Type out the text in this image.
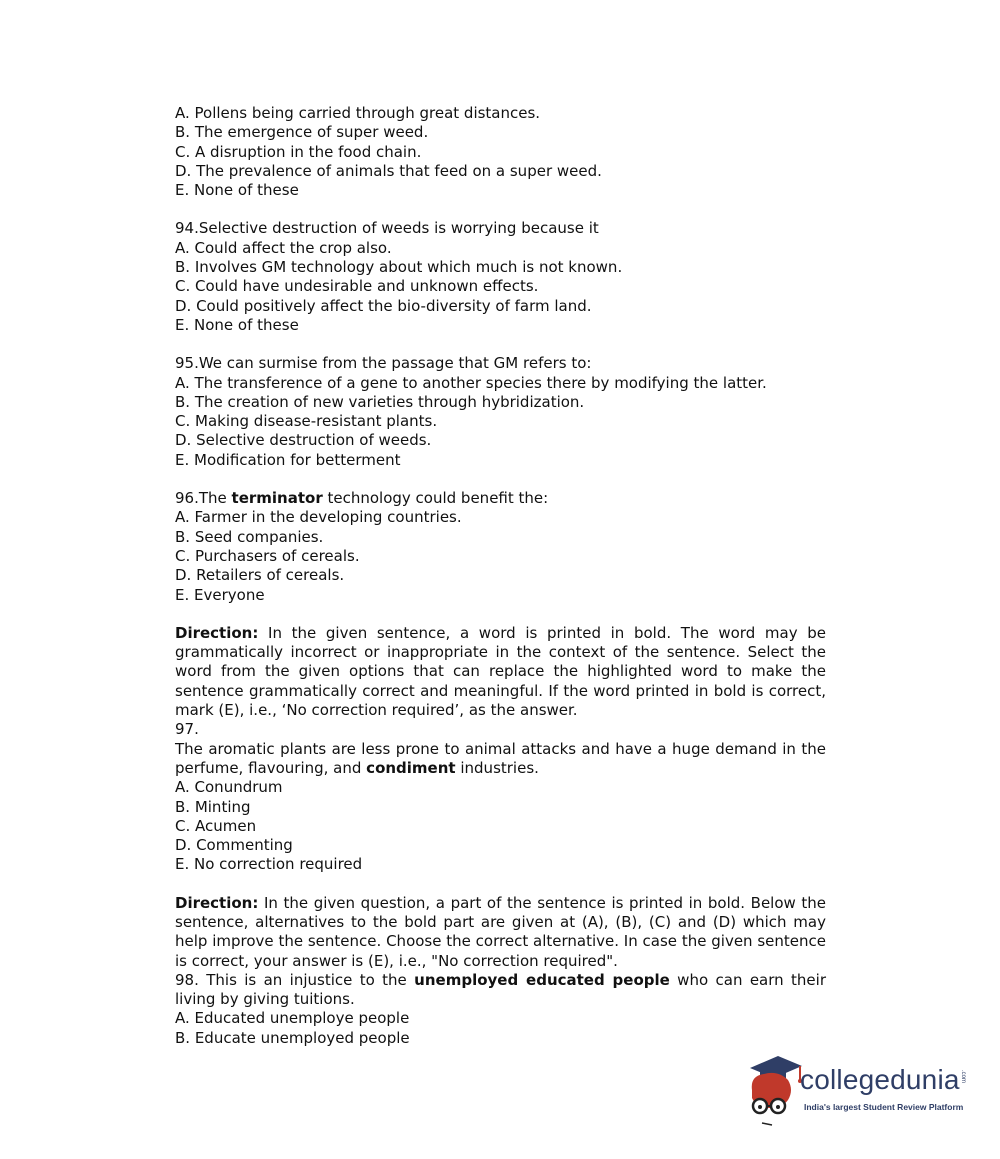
A. Pollens being carried through great distances.
B. The emergence of super weed.
C. A disruption in the food chain.
D. The prevalence of animals that feed on a super weed.
E. None of these
94.Selective destruction of weeds is worrying because it
A. Could affect the crop also.
B. Involves GM technology about which much is not known.
C. Could have undesirable and unknown effects.
D. Could positively affect the bio-diversity of farm land.
E. None of these
95.We can surmise from the passage that GM refers to:
A. The transference of a gene to another species there by modifying the latter.
B. The creation of new varieties through hybridization.
C. Making disease-resistant plants.
D. Selective destruction of weeds.
E. Modification for betterment
96.The terminator technology could benefit the:
A. Farmer in the developing countries.
B. Seed companies.
C. Purchasers of cereals.
D. Retailers of cereals.
E. Everyone
Direction: In the given sentence, a word is printed in bold. The word may be grammatically incorrect or inappropriate in the context of the sentence. Select the word from the given options that can replace the highlighted word to make the sentence grammatically correct and meaningful. If the word printed in bold is correct, mark (E), i.e., ‘No correction required’, as the answer.
97.
The aromatic plants are less prone to animal attacks and have a huge demand in the perfume, flavouring, and condiment industries.
A. Conundrum
B. Minting
C. Acumen
D. Commenting
E. No correction required
Direction: In the given question, a part of the sentence is printed in bold. Below the sentence, alternatives to the bold part are given at (A), (B), (C) and (D) which may help improve the sentence. Choose the correct alternative. In case the given sentence is correct, your answer is (E), i.e., "No correction required".
98. This is an injustice to the unemployed educated people who can earn their living by giving tuitions.
A. Educated unemploye people
B. Educate unemployed people
collegedunia .com
India's largest Student Review Platform
